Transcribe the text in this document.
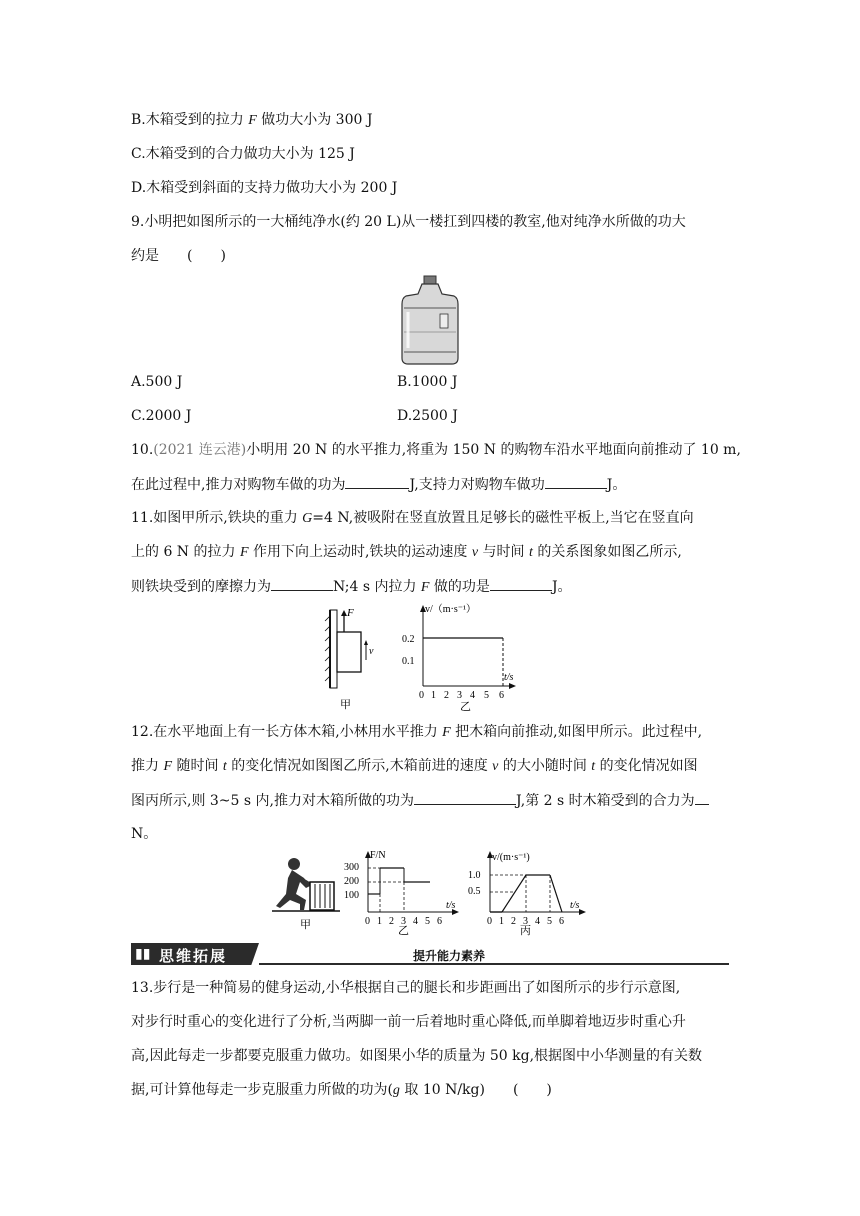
B.木箱受到的拉力 F 做功大小为 300 J
C.木箱受到的合力做功大小为 125 J
D.木箱受到斜面的支持力做功大小为 200 J
9.小明把如图所示的一大桶纯净水(约 20 L)从一楼扛到四楼的教室,他对纯净水所做的功大
约是　　(　　)
A.500 J	B.1000 J
C.2000 J	D.2500 J
10.(2021 连云港)小明用 20 N 的水平推力,将重为 150 N 的购物车沿水平地面向前推动了 10 m,
在此过程中,推力对购物车做的功为	J,支持力对购物车做功	J。
11.如图甲所示,铁块的重力 G=4 N,被吸附在竖直放置且足够长的磁性平板上,当它在竖直向
上的 6 N 的拉力 F 作用下向上运动时,铁块的运动速度 v 与时间 t 的关系图象如图乙所示,
则铁块受到的摩擦力为	N;4 s 内拉力 F 做的功是	J。
F
v
甲
v/（m·s⁻¹）
0.2
0.1
t/s
0 1 2 3 4 5 6
乙
12.在水平地面上有一长方体木箱,小林用水平推力 F 把木箱向前推动,如图甲所示。此过程中,
推力 F 随时间 t 的变化情况如图图乙所示,木箱前进的速度 v 的大小随时间 t 的变化情况如图
图丙所示,则 3~5 s 内,推力对木箱所做的功为	J,第 2 s 时木箱受到的合力为
N。
甲
F/N
300
200
100
t/s
0 1 2 3 4 5 6
乙
v/(m·s⁻¹)
1.0
0.5
t/s
0 1 2 3 4 5 6
丙
▮▮ 思维拓展	提升能力素养
13.步行是一种简易的健身运动,小华根据自己的腿长和步距画出了如图所示的步行示意图,
对步行时重心的变化进行了分析,当两脚一前一后着地时重心降低,而单脚着地迈步时重心升
高,因此每走一步都要克服重力做功。如图果小华的质量为 50 kg,根据图中小华测量的有关数
据,可计算他每走一步克服重力所做的功为(g 取 10 N/kg)　　(　　)
